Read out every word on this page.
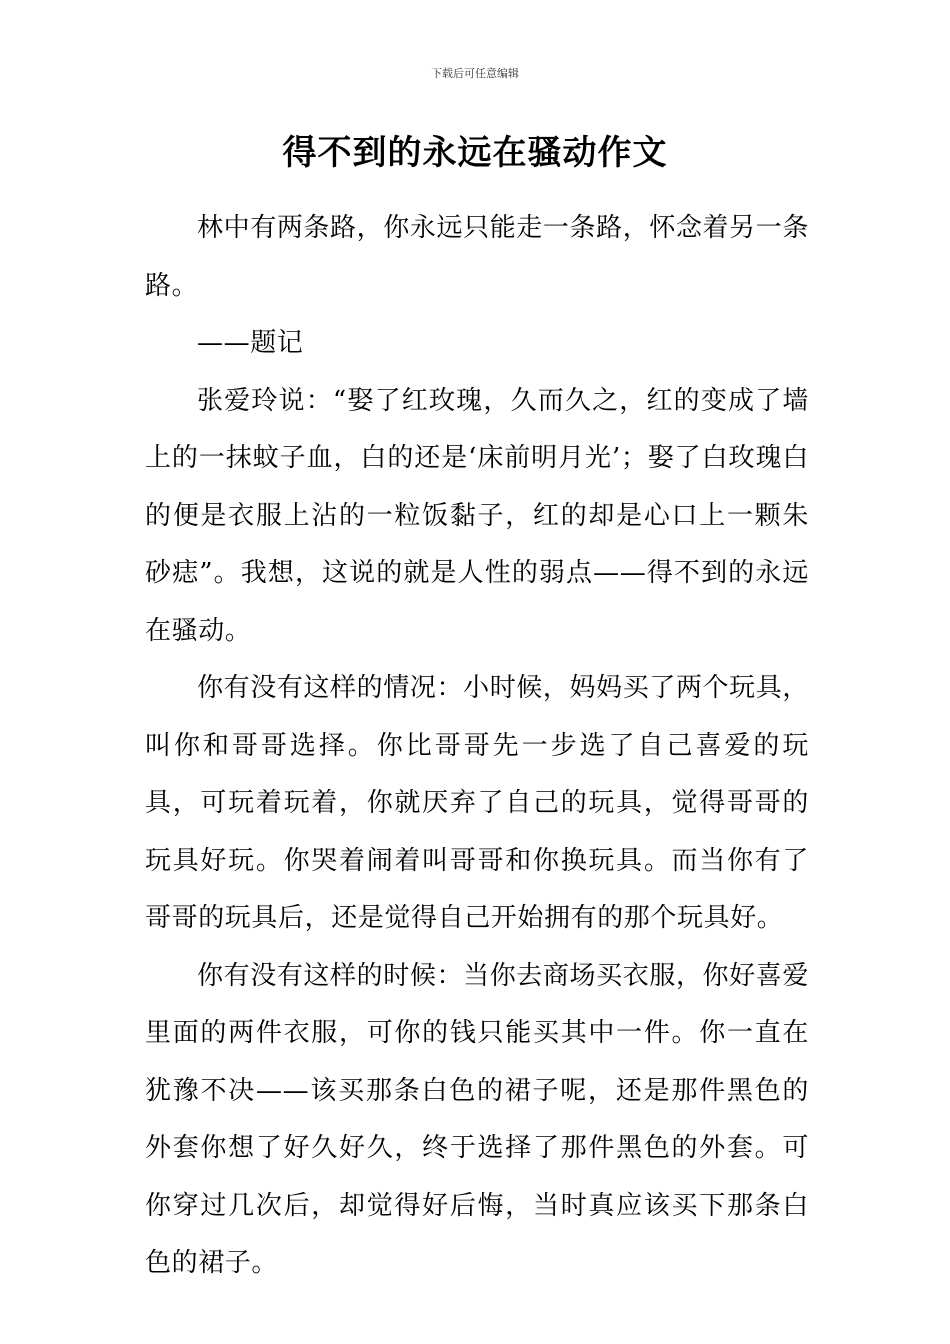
下载后可任意编辑
得不到的永远在骚动作文

林中有两条路，你永远只能走一条路，怀念着另一条路。

——题记

张爱玲说：“娶了红玫瑰，久而久之，红的变成了墙上的一抹蚊子血，白的还是‘床前明月光’；娶了白玫瑰白的便是衣服上沾的一粒饭黏子，红的却是心口上一颗朱砂痣”。我想，这说的就是人性的弱点——得不到的永远在骚动。

你有没有这样的情况：小时候，妈妈买了两个玩具，叫你和哥哥选择。你比哥哥先一步选了自己喜爱的玩具，可玩着玩着，你就厌弃了自己的玩具，觉得哥哥的玩具好玩。你哭着闹着叫哥哥和你换玩具。而当你有了哥哥的玩具后，还是觉得自己开始拥有的那个玩具好。

你有没有这样的时候：当你去商场买衣服，你好喜爱里面的两件衣服，可你的钱只能买其中一件。你一直在犹豫不决——该买那条白色的裙子呢，还是那件黑色的外套你想了好久好久，终于选择了那件黑色的外套。可你穿过几次后，却觉得好后悔，当时真应该买下那条白色的裙子。
